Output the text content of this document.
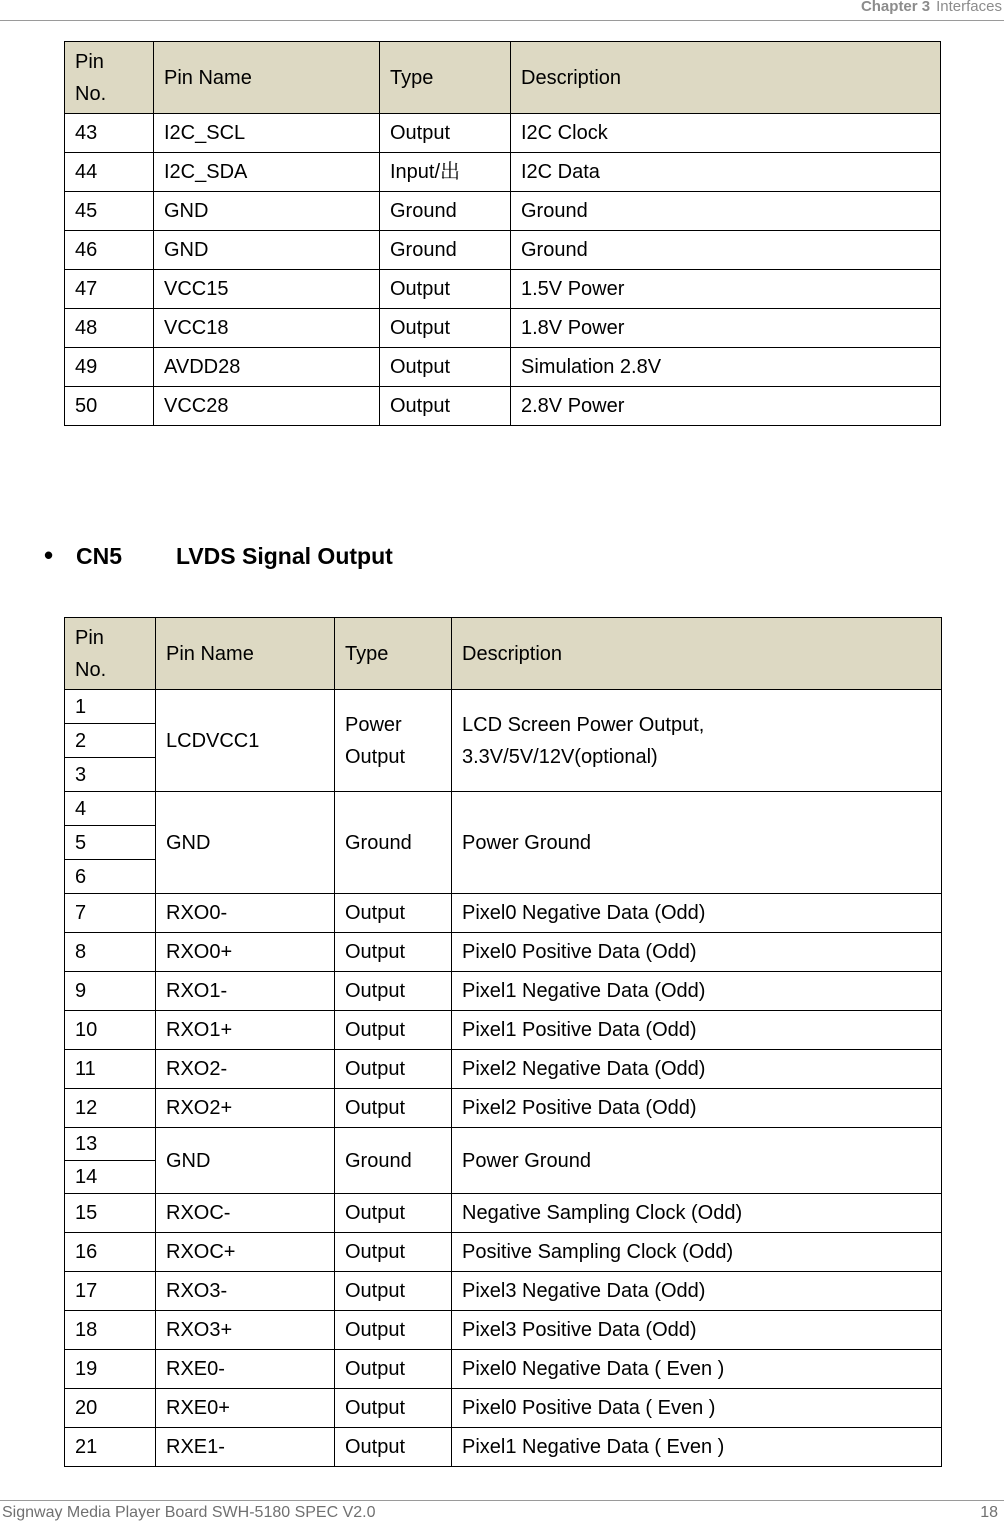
Chapter 3 Interfaces
Pin No.	Pin Name	Type	Description
43	I2C_SCL	Output	I2C Clock
44	I2C_SDA	Input/出	I2C Data
45	GND	Ground	Ground
46	GND	Ground	Ground
47	VCC15	Output	1.5V Power
48	VCC18	Output	1.8V Power
49	AVDD28	Output	Simulation 2.8V
50	VCC28	Output	2.8V Power
• CN5 LVDS Signal Output
Pin No.	Pin Name	Type	Description
1	LCDVCC1	Power Output	LCD Screen Power Output, 3.3V/5V/12V(optional)
2			
3			
4	GND	Ground	Power Ground
5			
6			
7	RXO0-	Output	Pixel0 Negative Data (Odd)
8	RXO0+	Output	Pixel0 Positive Data (Odd)
9	RXO1-	Output	Pixel1 Negative Data (Odd)
10	RXO1+	Output	Pixel1 Positive Data (Odd)
11	RXO2-	Output	Pixel2 Negative Data (Odd)
12	RXO2+	Output	Pixel2 Positive Data (Odd)
13	GND	Ground	Power Ground
14			
15	RXOC-	Output	Negative Sampling Clock (Odd)
16	RXOC+	Output	Positive Sampling Clock (Odd)
17	RXO3-	Output	Pixel3 Negative Data (Odd)
18	RXO3+	Output	Pixel3 Positive Data (Odd)
19	RXE0-	Output	Pixel0 Negative Data ( Even )
20	RXE0+	Output	Pixel0 Positive Data ( Even )
21	RXE1-	Output	Pixel1 Negative Data ( Even )
Signway Media Player Board SWH-5180 SPEC V2.0	18
